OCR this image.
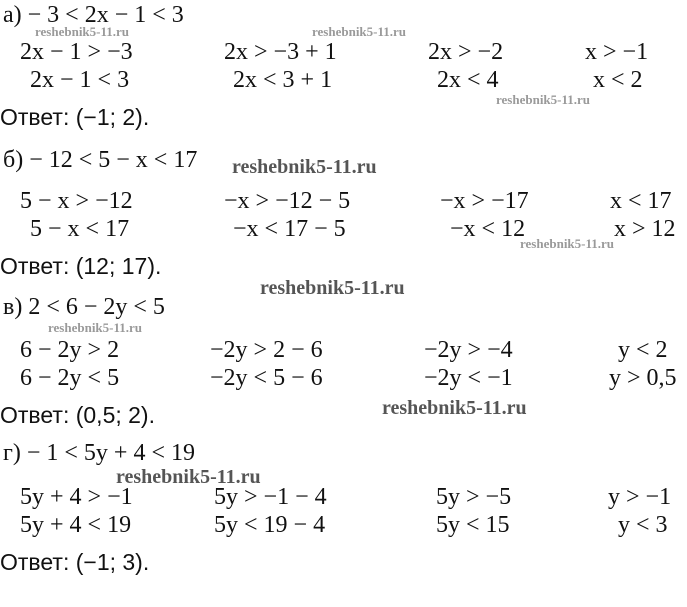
а) − 3 < 2x − 1 < 3
2x − 1 > −3	2x > −3 + 1	2x > −2	x > −1
2x − 1 < 3	2x < 3 + 1	2x < 4	x < 2
Ответ: (−1; 2).
б) − 12 < 5 − x < 17
5 − x > −12	−x > −12 − 5	−x > −17	x < 17
5 − x < 17	−x < 17 − 5	−x < 12	x > 12
Ответ: (12; 17).
в) 2 < 6 − 2y < 5
6 − 2y > 2	−2y > 2 − 6	−2y > −4	y < 2
6 − 2y < 5	−2y < 5 − 6	−2y < −1	y > 0,5
Ответ: (0,5; 2).
г) − 1 < 5y + 4 < 19
5y + 4 > −1	5y > −1 − 4	5y > −5	y > −1
5y + 4 < 19	5y < 19 − 4	5y < 15	y < 3
Ответ: (−1; 3).
reshebnik5-11.ru	reshebnik5-11.ru
reshebnik5-11.ru
reshebnik5-11.ru
reshebnik5-11.ru
reshebnik5-11.ru
reshebnik5-11.ru
reshebnik5-11.ru
reshebnik5-11.ru
